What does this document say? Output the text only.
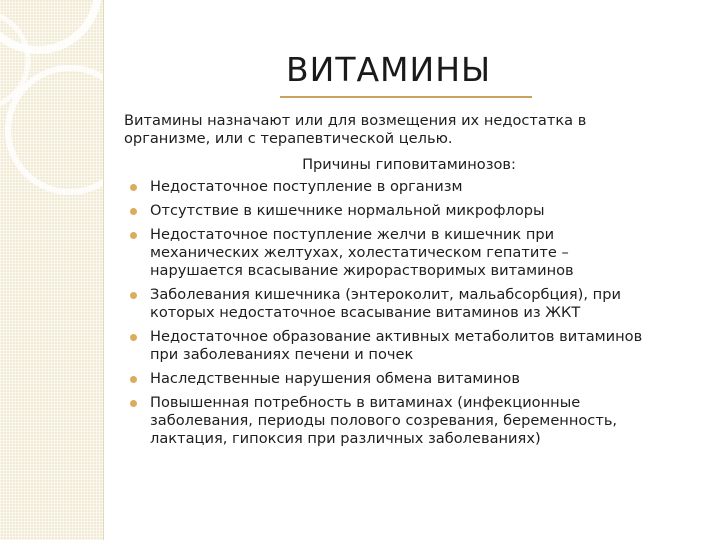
ВИТАМИНЫ

Витамины назначают или для возмещения их недостатка в организме, или с терапевтической целью.

Причины гиповитаминозов:

Недостаточное поступление в организм
Отсутствие в кишечнике нормальной микрофлоры
Недостаточное поступление желчи в кишечник при механических желтухах, холестатическом гепатите – нарушается всасывание жирорастворимых витаминов
Заболевания кишечника (энтероколит, мальабсорбция), при которых недостаточное всасывание витаминов из ЖКТ
Недостаточное образование активных метаболитов витаминов при заболеваниях печени и почек
Наследственные нарушения обмена витаминов
Повышенная потребность в витаминах (инфекционные заболевания, периоды полового созревания, беременность, лактация, гипоксия при различных заболеваниях)
